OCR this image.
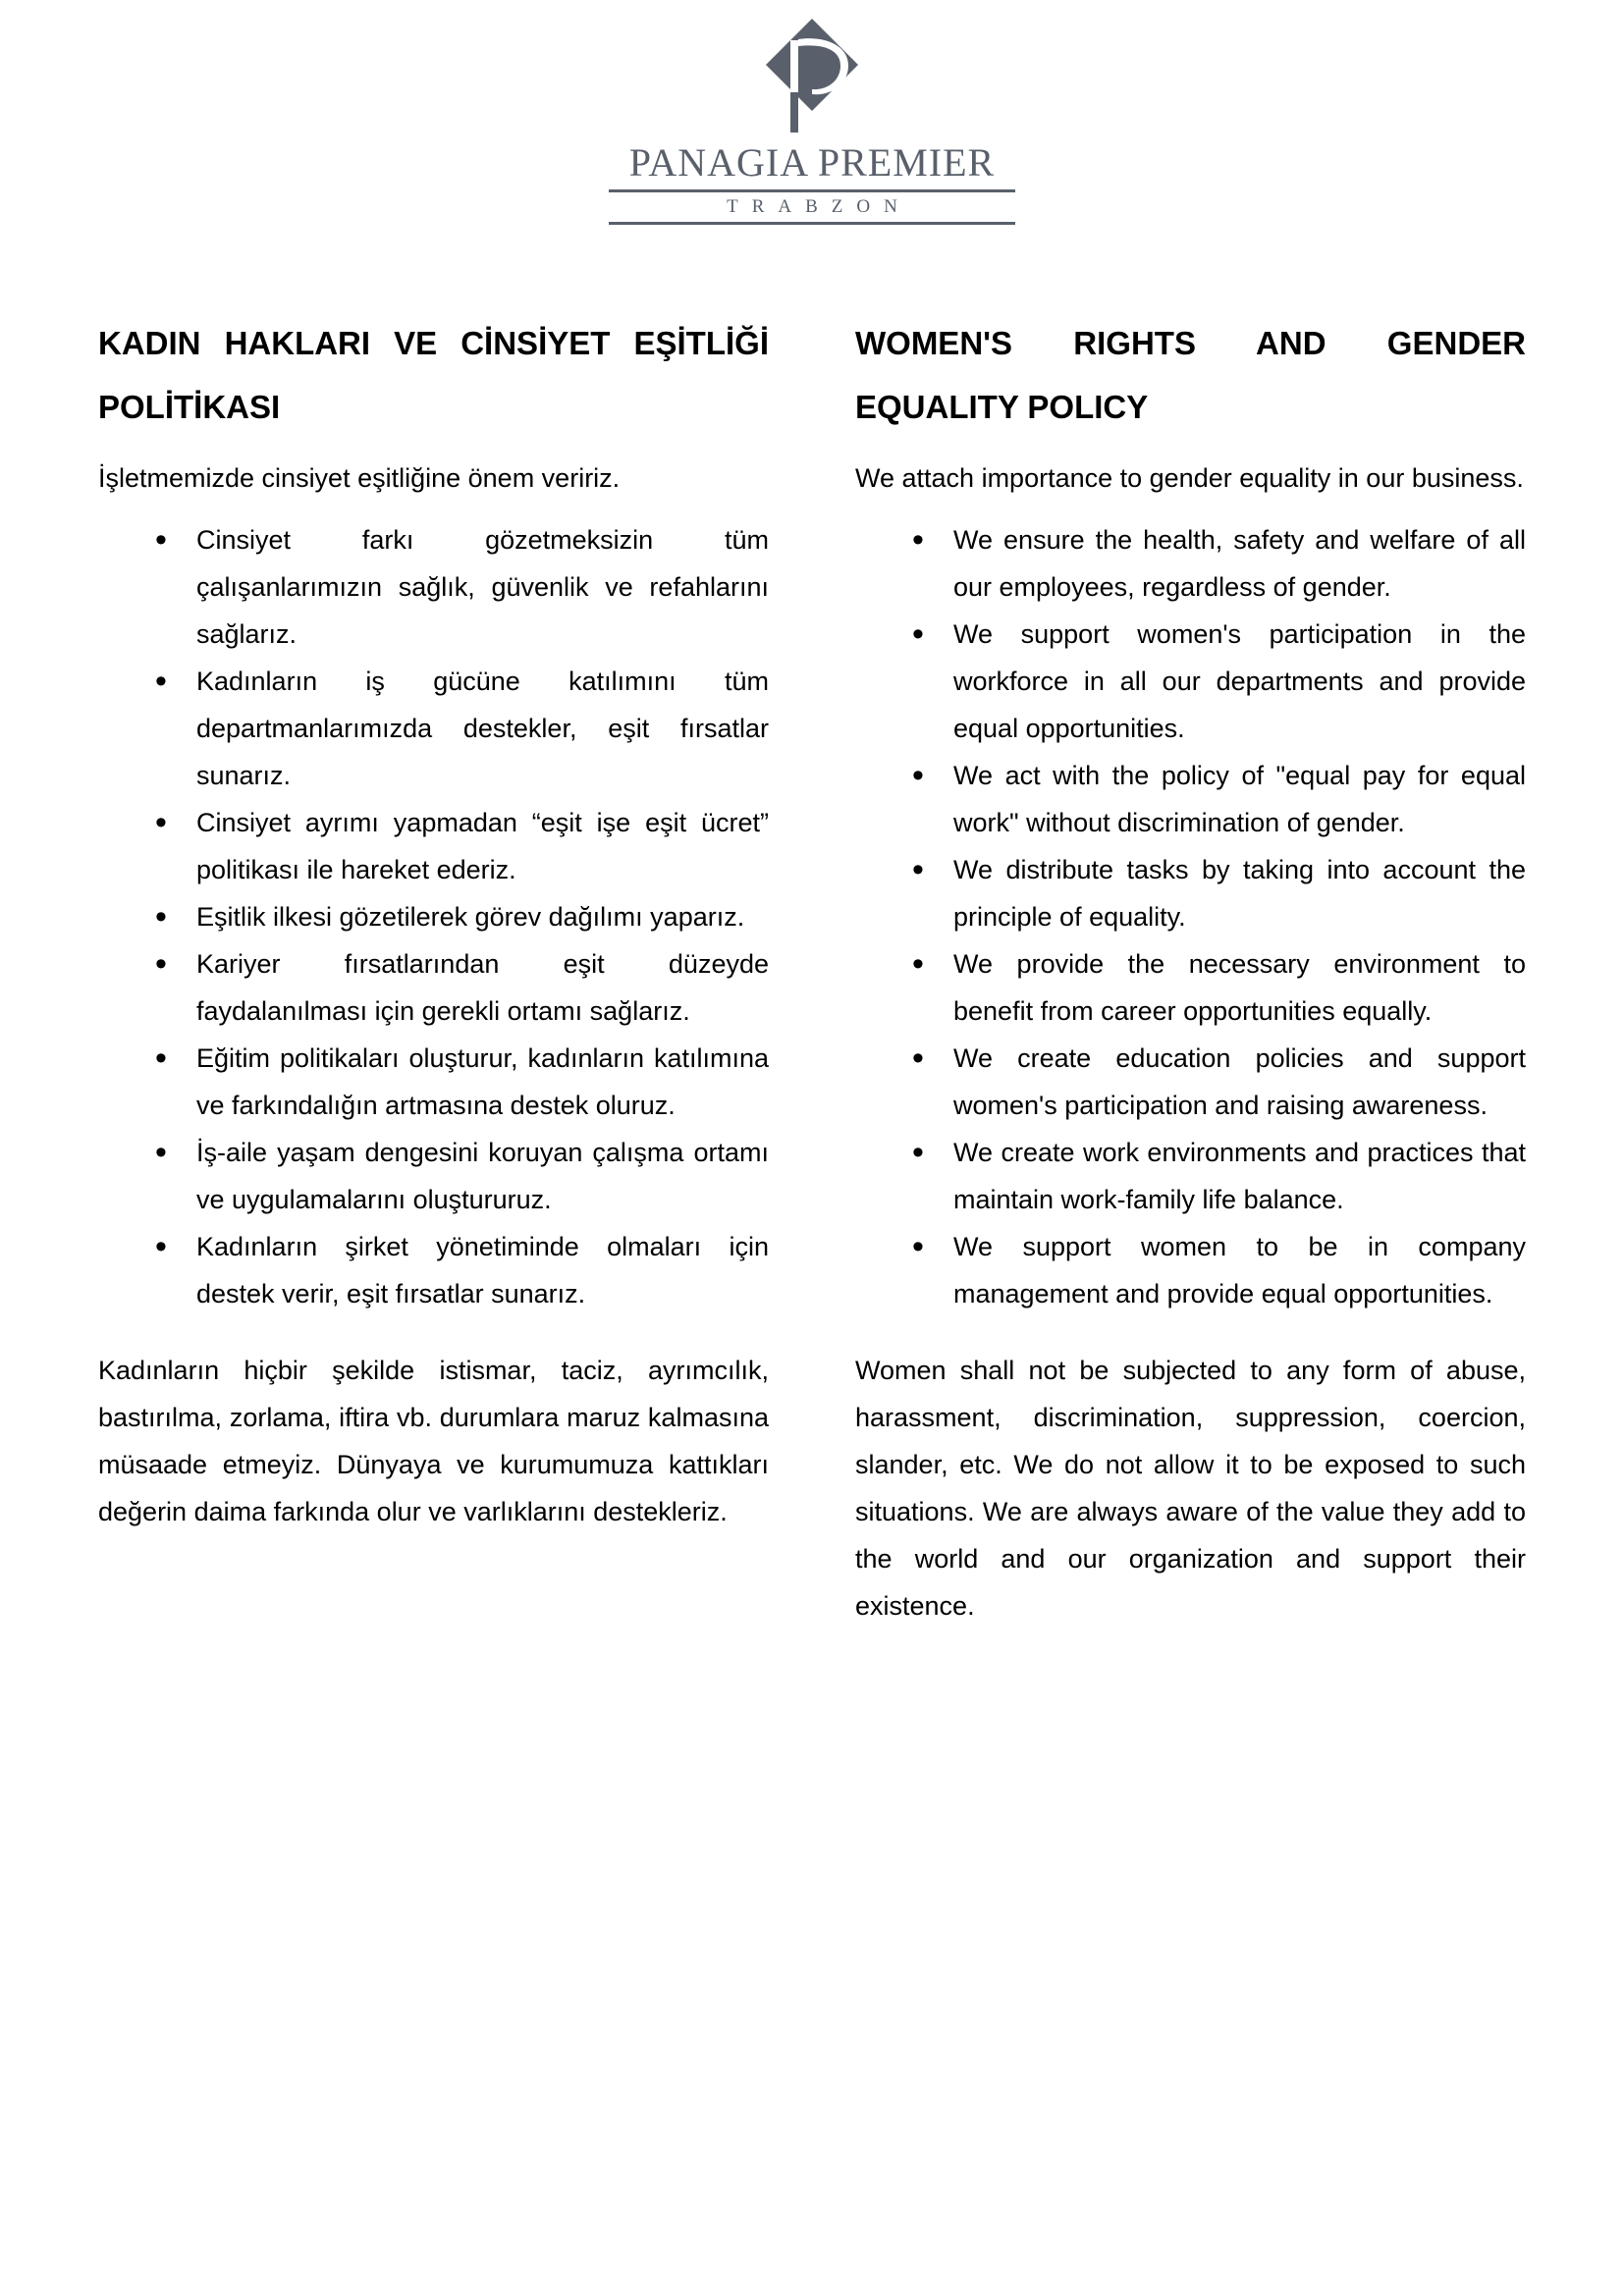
PANAGIA PREMIER
TRABZON
KADIN HAKLARI VE CİNSİYET EŞİTLİĞİ POLİTİKASI

İşletmemizde cinsiyet eşitliğine önem veririz.

• Cinsiyet farkı gözetmeksizin tüm çalışanlarımızın sağlık, güvenlik ve refahlarını sağlarız.
• Kadınların iş gücüne katılımını tüm departmanlarımızda destekler, eşit fırsatlar sunarız.
• Cinsiyet ayrımı yapmadan “eşit işe eşit ücret” politikası ile hareket ederiz.
• Eşitlik ilkesi gözetilerek görev dağılımı yaparız.
• Kariyer fırsatlarından eşit düzeyde faydalanılması için gerekli ortamı sağlarız.
• Eğitim politikaları oluşturur, kadınların katılımına ve farkındalığın artmasına destek oluruz.
• İş-aile yaşam dengesini koruyan çalışma ortamı ve uygulamalarını oluştururuz.
• Kadınların şirket yönetiminde olmaları için destek verir, eşit fırsatlar sunarız.

Kadınların hiçbir şekilde istismar, taciz, ayrımcılık, bastırılma, zorlama, iftira vb. durumlara maruz kalmasına müsaade etmeyiz. Dünyaya ve kurumumuza kattıkları değerin daima farkında olur ve varlıklarını destekleriz.

WOMEN'S RIGHTS AND GENDER EQUALITY POLICY

We attach importance to gender equality in our business.

• We ensure the health, safety and welfare of all our employees, regardless of gender.
• We support women's participation in the workforce in all our departments and provide equal opportunities.
• We act with the policy of "equal pay for equal work" without discrimination of gender.
• We distribute tasks by taking into account the principle of equality.
• We provide the necessary environment to benefit from career opportunities equally.
• We create education policies and support women's participation and raising awareness.
• We create work environments and practices that maintain work-family life balance.
• We support women to be in company management and provide equal opportunities.

Women shall not be subjected to any form of abuse, harassment, discrimination, suppression, coercion, slander, etc. We do not allow it to be exposed to such situations. We are always aware of the value they add to the world and our organization and support their existence.
